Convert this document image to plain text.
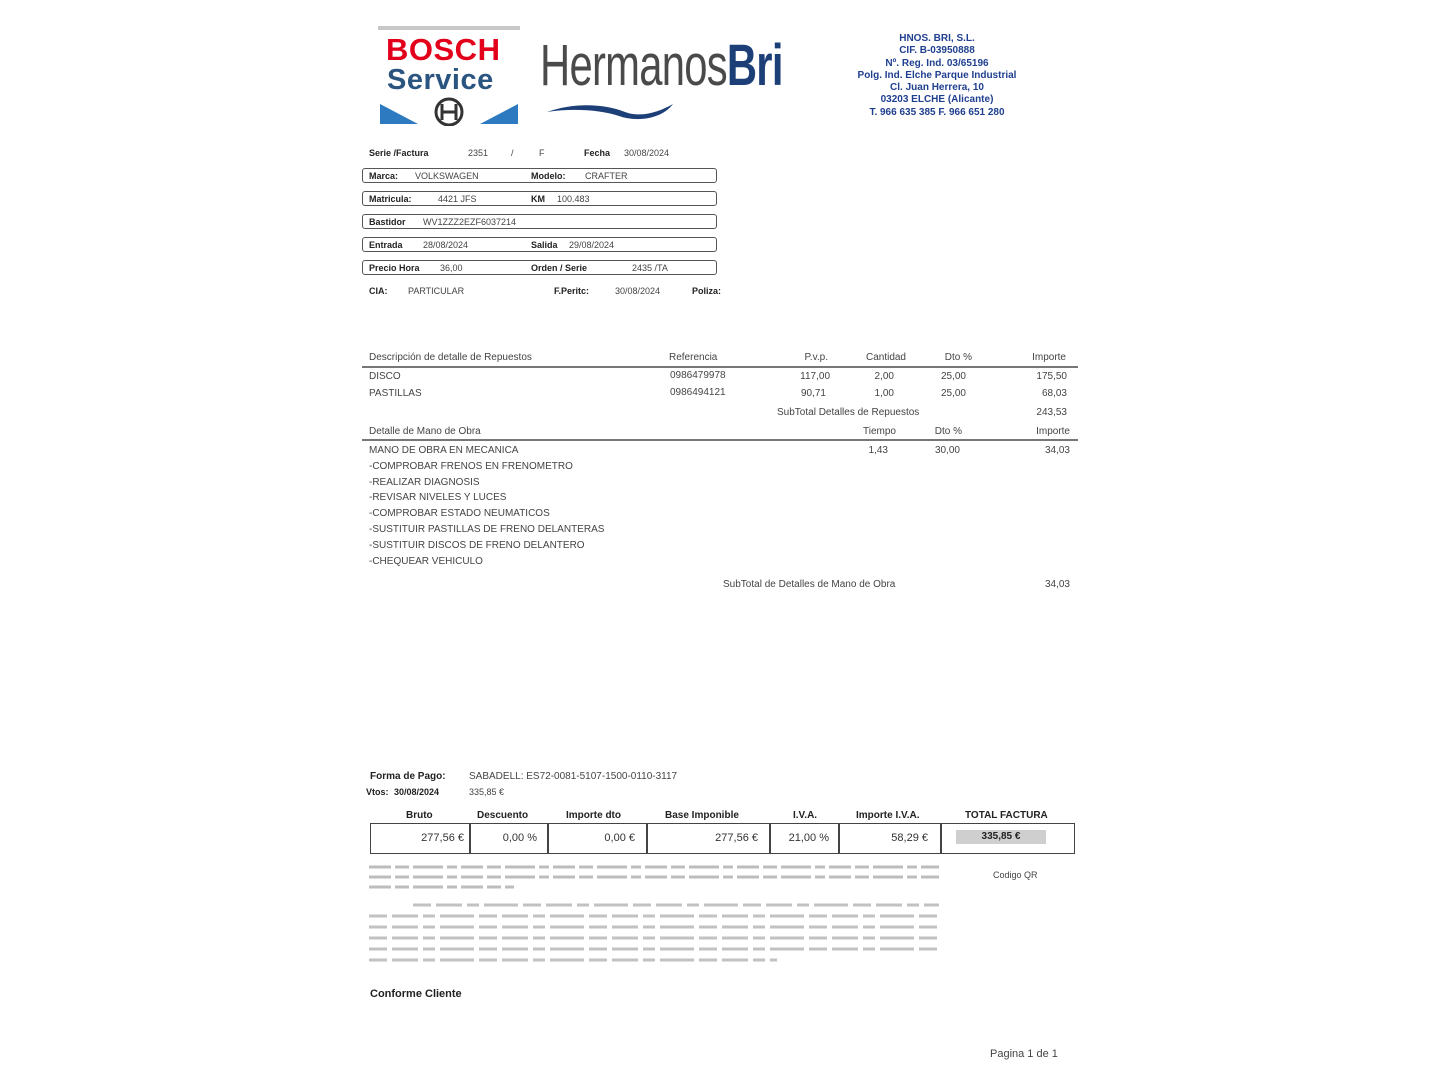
BOSCH
Service HermanosBri	HNOS. BRI, S.L.
CIF. B-03950888
Nº. Reg. Ind. 03/65196
Polg. Ind. Elche Parque Industrial
Cl. Juan Herrera, 10
03203 ELCHE (Alicante)
T. 966 635 385 F. 966 651 280
Serie /Factura	2351	/	F	Fecha 30/08/2024
Marca: VOLKSWAGEN	Modelo: CRAFTER
Matricula:	4421 JFS	KM 100.483
Bastidor WV1ZZZ2EZF6037214
Entrada 28/08/2024	Salida 29/08/2024
Precio Hora 36,00	Orden / Serie	2435 /TA
CIA: PARTICULAR	F.Peritc:	30/08/2024	Poliza:
Descripción de detalle de Repuestos	Referencia	P.v.p.	Cantidad	Dto %	Importe
DISCO	0986479978	117,00	2,00	25,00	175,50
PASTILLAS	0986494121	90,71	1,00	25,00	68,03
SubTotal Detalles de Repuestos	243,53
Detalle de Mano de Obra	Tiempo	Dto %	Importe
MANO DE OBRA EN MECANICA	1,43	30,00	34,03
-COMPROBAR FRENOS EN FRENOMETRO
-REALIZAR DIAGNOSIS
-REVISAR NIVELES Y LUCES
-COMPROBAR ESTADO NEUMATICOS
-SUSTITUIR PASTILLAS DE FRENO DELANTERAS
-SUSTITUIR DISCOS DE FRENO DELANTERO
-CHEQUEAR VEHICULO
SubTotal de Detalles de Mano de Obra	34,03
Forma de Pago: SABADELL: ES72-0081-5107-1500-0110-3117
Vtos: 30/08/2024	335,85 €
Bruto	Descuento	Importe dto	Base Imponible	I.V.A.	Importe I.V.A.	TOTAL FACTURA
277,56 €	0,00 %	0,00 €	277,56 €	21,00 %	58,29 €	335,85 €
Codigo QR
Conforme Cliente
Pagina 1 de 1
